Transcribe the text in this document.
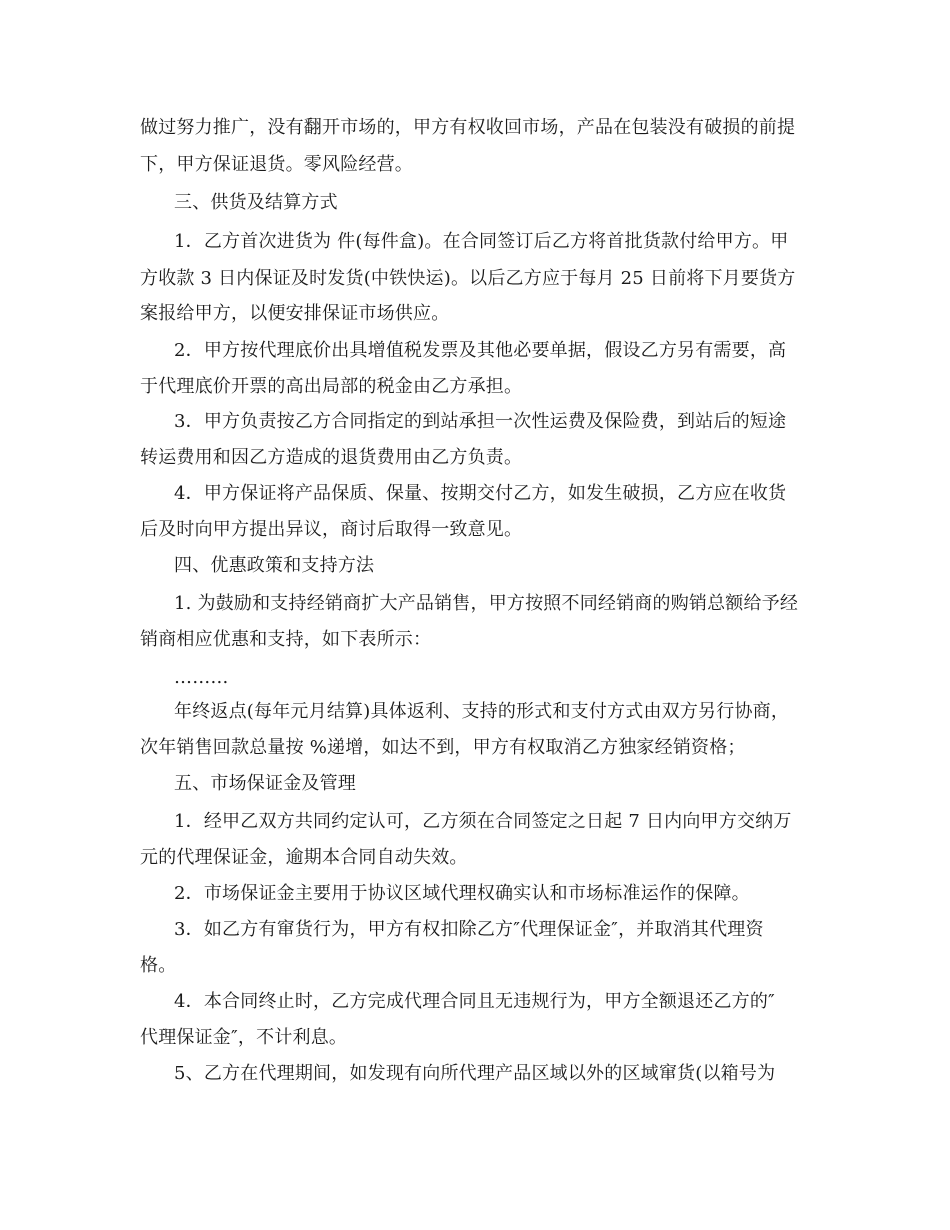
做过努力推广，没有翻开市场的，甲方有权收回市场，产品在包装没有破损的前提
下，甲方保证退货。零风险经营。
三、供货及结算方式
1．乙方首次进货为 件(每件盒)。在合同签订后乙方将首批货款付给甲方。甲
方收款 3 日内保证及时发货(中铁快运)。以后乙方应于每月 25 日前将下月要货方
案报给甲方，以便安排保证市场供应。
2．甲方按代理底价出具增值税发票及其他必要单据，假设乙方另有需要，高
于代理底价开票的高出局部的税金由乙方承担。
3．甲方负责按乙方合同指定的到站承担一次性运费及保险费，到站后的短途
转运费用和因乙方造成的退货费用由乙方负责。
4．甲方保证将产品保质、保量、按期交付乙方，如发生破损，乙方应在收货
后及时向甲方提出异议，商讨后取得一致意见。
四、优惠政策和支持方法
1. 为鼓励和支持经销商扩大产品销售，甲方按照不同经销商的购销总额给予经
销商相应优惠和支持，如下表所示：
………
年终返点(每年元月结算)具体返利、支持的形式和支付方式由双方另行协商，
次年销售回款总量按 %递增，如达不到，甲方有权取消乙方独家经销资格；
五、市场保证金及管理
1．经甲乙双方共同约定认可，乙方须在合同签定之日起 7 日内向甲方交纳万
元的代理保证金，逾期本合同自动失效。
2．市场保证金主要用于协议区域代理权确实认和市场标准运作的保障。
3．如乙方有窜货行为，甲方有权扣除乙方″代理保证金″，并取消其代理资
格。
4．本合同终止时，乙方完成代理合同且无违规行为，甲方全额退还乙方的″
代理保证金″，不计利息。
5、乙方在代理期间，如发现有向所代理产品区域以外的区域窜货(以箱号为
